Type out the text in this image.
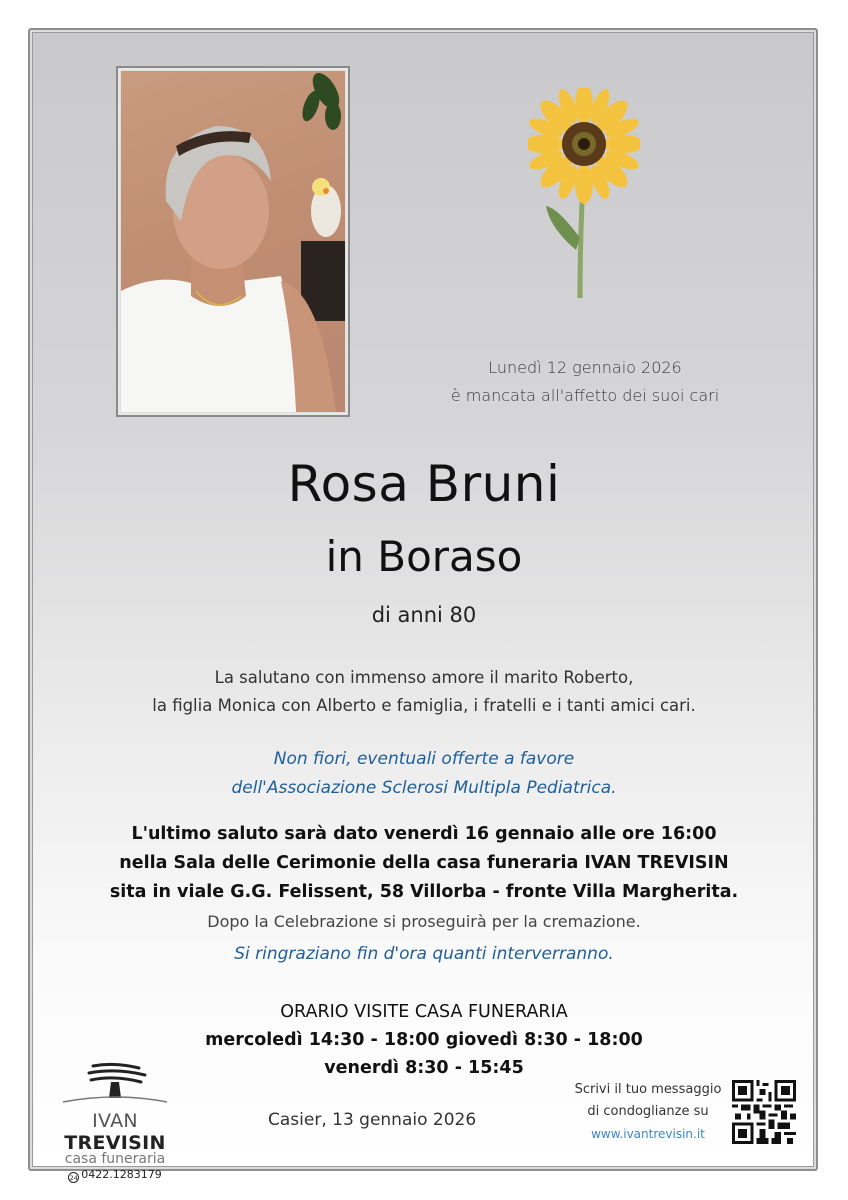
Lunedì 12 gennaio 2026
è mancata all'affetto dei suoi cari
Rosa Bruni
in Boraso
di anni 80
La salutano con immenso amore il marito Roberto,
la figlia Monica con Alberto e famiglia, i fratelli e i tanti amici cari.
Non fiori, eventuali offerte a favore
dell'Associazione Sclerosi Multipla Pediatrica.
L'ultimo saluto sarà dato venerdì 16 gennaio alle ore 16:00
nella Sala delle Cerimonie della casa funeraria IVAN TREVISIN
sita in viale G.G. Felissent, 58 Villorba - fronte Villa Margherita.
Dopo la Celebrazione si proseguirà per la cremazione.
Si ringraziano fin d'ora quanti interverranno.
ORARIO VISITE CASA FUNERARIA
mercoledì 14:30 - 18:00 giovedì 8:30 - 18:00
venerdì 8:30 - 15:45
IVAN TREVISIN
casa funeraria
24 0422.1283179
Casier, 13 gennaio 2026
Scrivi il tuo messaggio
di condoglianze su
www.ivantrevisin.it
